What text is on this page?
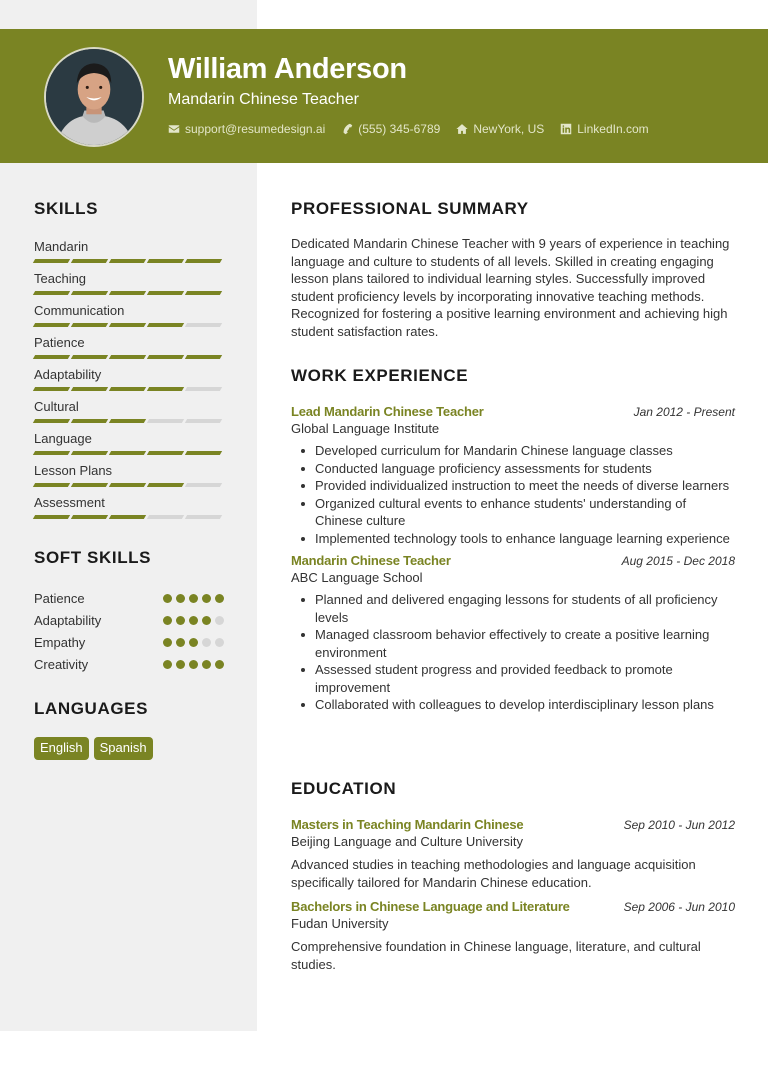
William Anderson
Mandarin Chinese Teacher
support@resumedesign.ai	(555) 345-6789	NewYork, US	LinkedIn.com
SKILLS
Mandarin
Teaching
Communication
Patience
Adaptability
Cultural
Language
Lesson Plans
Assessment
SOFT SKILLS
Patience
Adaptability
Empathy
Creativity
LANGUAGES
English	Spanish
PROFESSIONAL SUMMARY

Dedicated Mandarin Chinese Teacher with 9 years of experience in teaching language and culture to students of all levels. Skilled in creating engaging lesson plans tailored to individual learning styles. Successfully improved student proficiency levels by incorporating innovative teaching methods. Recognized for fostering a positive learning environment and achieving high student satisfaction rates.

WORK EXPERIENCE
Lead Mandarin Chinese Teacher	Jan 2012 - Present
Global Language Institute
Developed curriculum for Mandarin Chinese language classes
Conducted language proficiency assessments for students
Provided individualized instruction to meet the needs of diverse learners
Organized cultural events to enhance students' understanding of Chinese culture
Implemented technology tools to enhance language learning experience
Mandarin Chinese Teacher	Aug 2015 - Dec 2018
ABC Language School
Planned and delivered engaging lessons for students of all proficiency levels
Managed classroom behavior effectively to create a positive learning environment
Assessed student progress and provided feedback to promote improvement
Collaborated with colleagues to develop interdisciplinary lesson plans
EDUCATION
Masters in Teaching Mandarin Chinese	Sep 2010 - Jun 2012
Beijing Language and Culture University

Advanced studies in teaching methodologies and language acquisition specifically tailored for Mandarin Chinese education.

Bachelors in Chinese Language and Literature	Sep 2006 - Jun 2010
Fudan University

Comprehensive foundation in Chinese language, literature, and cultural studies.
